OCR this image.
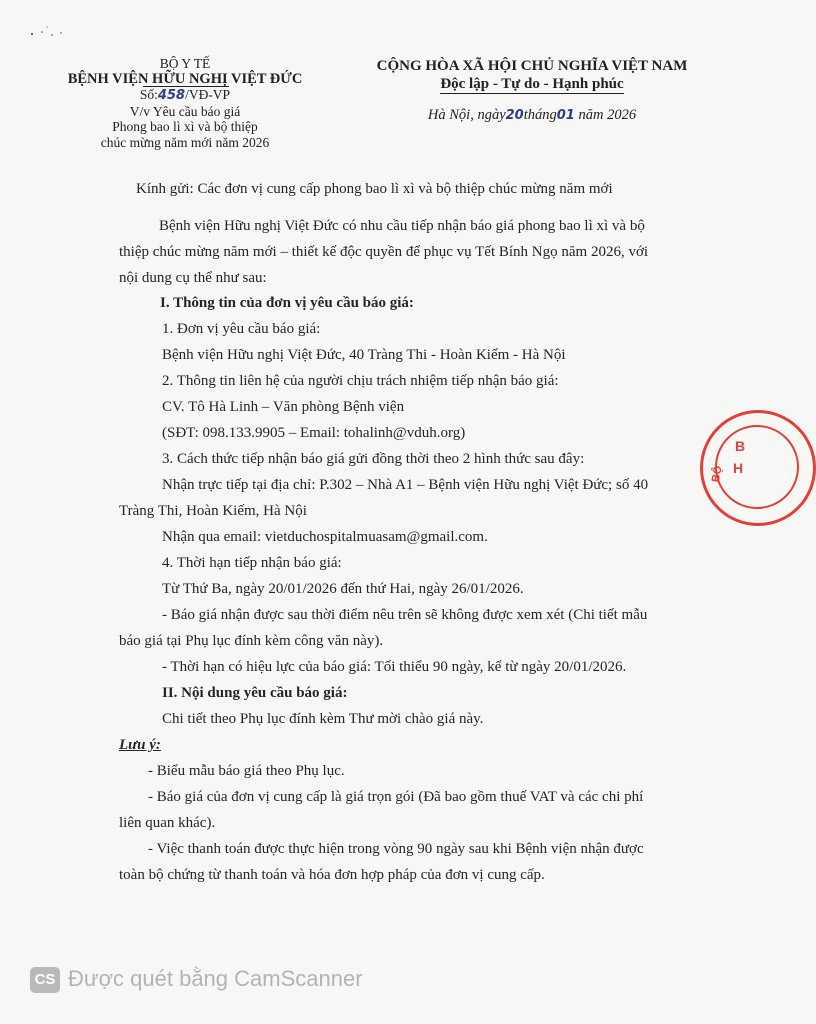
BỘ Y TẾ
BỆNH VIỆN HỮU NGHỊ VIỆT ĐỨC
Số:458/VĐ-VP
V/v Yêu cầu báo giá
Phong bao lì xì và bộ thiệp
chúc mừng năm mới năm 2026
CỘNG HÒA XÃ HỘI CHỦ NGHĨA VIỆT NAM
Độc lập - Tự do - Hạnh phúc
Hà Nội, ngày20tháng01 năm 2026
Kính gửi: Các đơn vị cung cấp phong bao lì xì và bộ thiệp chúc mừng năm mới
Bệnh viện Hữu nghị Việt Đức có nhu cầu tiếp nhận báo giá phong bao lì xì và bộ
thiệp chúc mừng năm mới – thiết kế độc quyền để phục vụ Tết Bính Ngọ năm 2026, với
nội dung cụ thể như sau:
I. Thông tin của đơn vị yêu cầu báo giá:
1. Đơn vị yêu cầu báo giá:
Bệnh viện Hữu nghị Việt Đức, 40 Tràng Thi - Hoàn Kiếm - Hà Nội
2. Thông tin liên hệ của người chịu trách nhiệm tiếp nhận báo giá:
CV. Tô Hà Linh – Văn phòng Bệnh viện
(SĐT: 098.133.9905 – Email: tohalinh@vduh.org)
3. Cách thức tiếp nhận báo giá gửi đồng thời theo 2 hình thức sau đây:
Nhận trực tiếp tại địa chỉ: P.302 – Nhà A1 – Bệnh viện Hữu nghị Việt Đức; số 40
Tràng Thi, Hoàn Kiếm, Hà Nội
Nhận qua email: vietduchospitalmuasam@gmail.com.
4. Thời hạn tiếp nhận báo giá:
Từ Thứ Ba, ngày 20/01/2026 đến thứ Hai, ngày 26/01/2026.
- Báo giá nhận được sau thời điểm nêu trên sẽ không được xem xét (Chi tiết mẫu
báo giá tại Phụ lục đính kèm công văn này).
- Thời hạn có hiệu lực của báo giá: Tối thiểu 90 ngày, kể từ ngày 20/01/2026.
II. Nội dung yêu cầu báo giá:
Chi tiết theo Phụ lục đính kèm Thư mời chào giá này.
Lưu ý:
- Biểu mẫu báo giá theo Phụ lục.
- Báo giá của đơn vị cung cấp là giá trọn gói (Đã bao gồm thuế VAT và các chi phí
liên quan khác).
- Việc thanh toán được thực hiện trong vòng 90 ngày sau khi Bệnh viện nhận được
toàn bộ chứng từ thanh toán và hóa đơn hợp pháp của đơn vị cung cấp.
B
H
BỘ
CS Được quét bằng CamScanner
